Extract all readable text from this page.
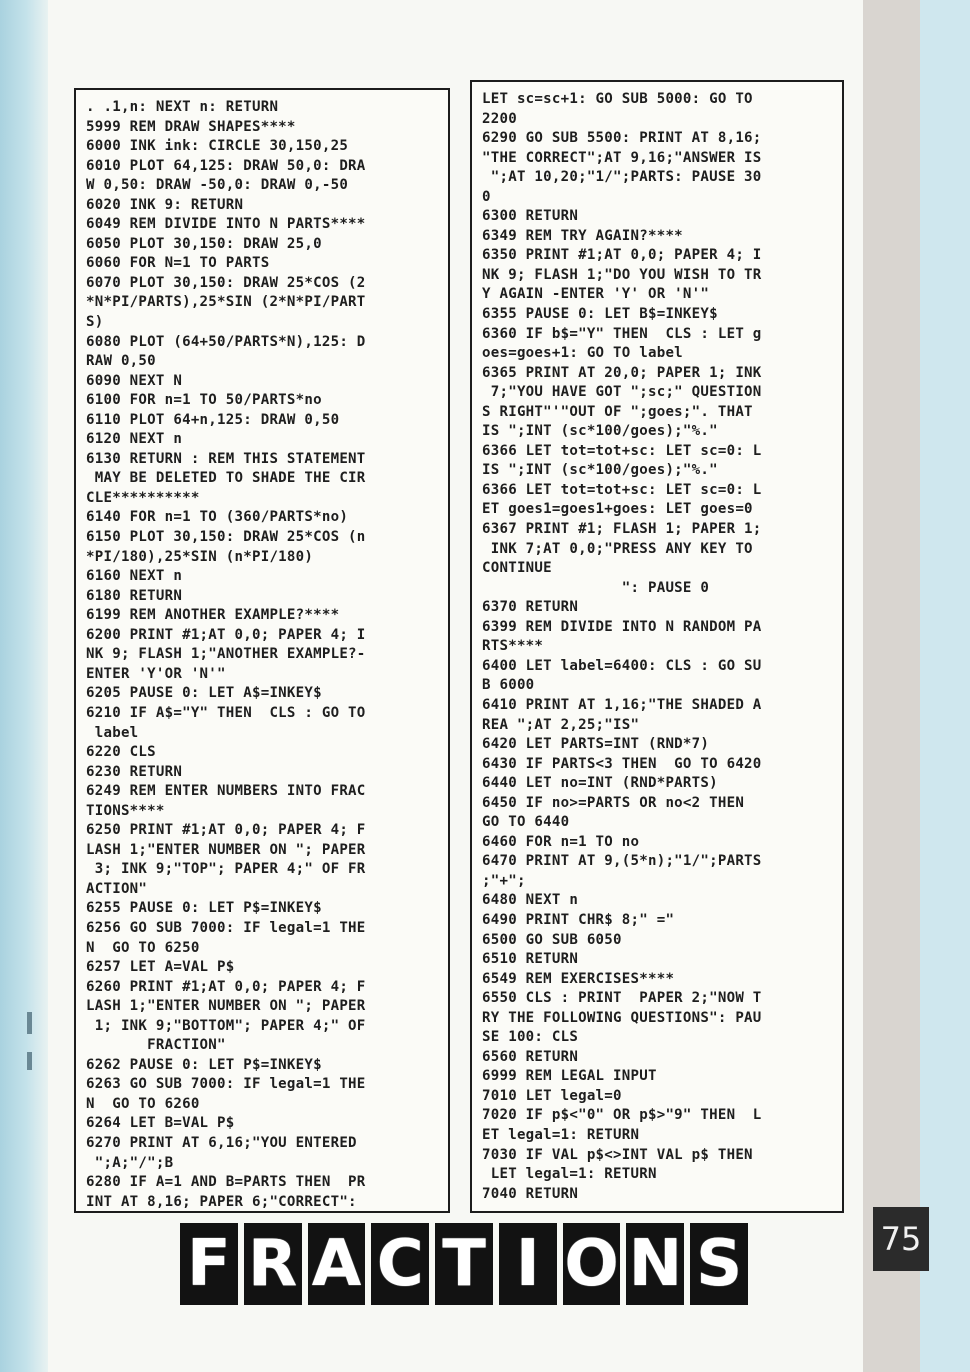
75
. .1,n: NEXT n: RETURN
5999 REM DRAW SHAPES****
6000 INK ink: CIRCLE 30,150,25
6010 PLOT 64,125: DRAW 50,0: DRA
W 0,50: DRAW -50,0: DRAW 0,-50
6020 INK 9: RETURN
6049 REM DIVIDE INTO N PARTS****
6050 PLOT 30,150: DRAW 25,0
6060 FOR N=1 TO PARTS
6070 PLOT 30,150: DRAW 25*COS (2
*N*PI/PARTS),25*SIN (2*N*PI/PART
S)
6080 PLOT (64+50/PARTS*N),125: D
RAW 0,50
6090 NEXT N
6100 FOR n=1 TO 50/PARTS*no
6110 PLOT 64+n,125: DRAW 0,50
6120 NEXT n
6130 RETURN : REM THIS STATEMENT
MAY BE DELETED TO SHADE THE CIR
CLE**********
6140 FOR n=1 TO (360/PARTS*no)
6150 PLOT 30,150: DRAW 25*COS (n
*PI/180),25*SIN (n*PI/180)
6160 NEXT n
6180 RETURN
6199 REM ANOTHER EXAMPLE?****
6200 PRINT #1;AT 0,0; PAPER 4; I
NK 9; FLASH 1;"ANOTHER EXAMPLE?-
ENTER 'Y'OR 'N'"
6205 PAUSE 0: LET A$=INKEY$
6210 IF A$="Y" THEN  CLS : GO TO
label
6220 CLS
6230 RETURN
6249 REM ENTER NUMBERS INTO FRAC
TIONS****
6250 PRINT #1;AT 0,0; PAPER 4; F
LASH 1;"ENTER NUMBER ON "; PAPER
3; INK 9;"TOP"; PAPER 4;" OF FR
ACTION"
6255 PAUSE 0: LET P$=INKEY$
6256 GO SUB 7000: IF legal=1 THE
N  GO TO 6250
6257 LET A=VAL P$
6260 PRINT #1;AT 0,0; PAPER 4; F
LASH 1;"ENTER NUMBER ON "; PAPER
1; INK 9;"BOTTOM"; PAPER 4;" OF
FRACTION"
6262 PAUSE 0: LET P$=INKEY$
6263 GO SUB 7000: IF legal=1 THE
N  GO TO 6260
6264 LET B=VAL P$
6270 PRINT AT 6,16;"YOU ENTERED
";A;"/";B
6280 IF A=1 AND B=PARTS THEN  PR
INT AT 8,16; PAPER 6;"CORRECT":
LET sc=sc+1: GO SUB 5000: GO TO
2200
6290 GO SUB 5500: PRINT AT 8,16;
"THE CORRECT";AT 9,16;"ANSWER IS
";AT 10,20;"1/";PARTS: PAUSE 30
0
6300 RETURN
6349 REM TRY AGAIN?****
6350 PRINT #1;AT 0,0; PAPER 4; I
NK 9; FLASH 1;"DO YOU WISH TO TR
Y AGAIN -ENTER 'Y' OR 'N'"
6355 PAUSE 0: LET B$=INKEY$
6360 IF b$="Y" THEN  CLS : LET g
oes=goes+1: GO TO label
6365 PRINT AT 20,0; PAPER 1; INK
7;"YOU HAVE GOT ";sc;" QUESTION
S RIGHT"'"OUT OF ";goes;". THAT
IS ";INT (sc*100/goes);"%."
6366 LET tot=tot+sc: LET sc=0: L
IS ";INT (sc*100/goes);"%."
6366 LET tot=tot+sc: LET sc=0: L
ET goes1=goes1+goes: LET goes=0
6367 PRINT #1; FLASH 1; PAPER 1;
INK 7;AT 0,0;"PRESS ANY KEY TO
CONTINUE
": PAUSE 0
6370 RETURN
6399 REM DIVIDE INTO N RANDOM PA
RTS****
6400 LET label=6400: CLS : GO SU
B 6000
6410 PRINT AT 1,16;"THE SHADED A
REA ";AT 2,25;"IS"
6420 LET PARTS=INT (RND*7)
6430 IF PARTS<3 THEN  GO TO 6420
6440 LET no=INT (RND*PARTS)
6450 IF no>=PARTS OR no<2 THEN
GO TO 6440
6460 FOR n=1 TO no
6470 PRINT AT 9,(5*n);"1/";PARTS
;"+";
6480 NEXT n
6490 PRINT CHR$ 8;" ="
6500 GO SUB 6050
6510 RETURN
6549 REM EXERCISES****
6550 CLS : PRINT  PAPER 2;"NOW T
RY THE FOLLOWING QUESTIONS": PAU
SE 100: CLS
6560 RETURN
6999 REM LEGAL INPUT
7010 LET legal=0
7020 IF p$<"0" OR p$>"9" THEN  L
ET legal=1: RETURN
7030 IF VAL p$<>INT VAL p$ THEN
LET legal=1: RETURN
7040 RETURN
F R A C T I O N S
